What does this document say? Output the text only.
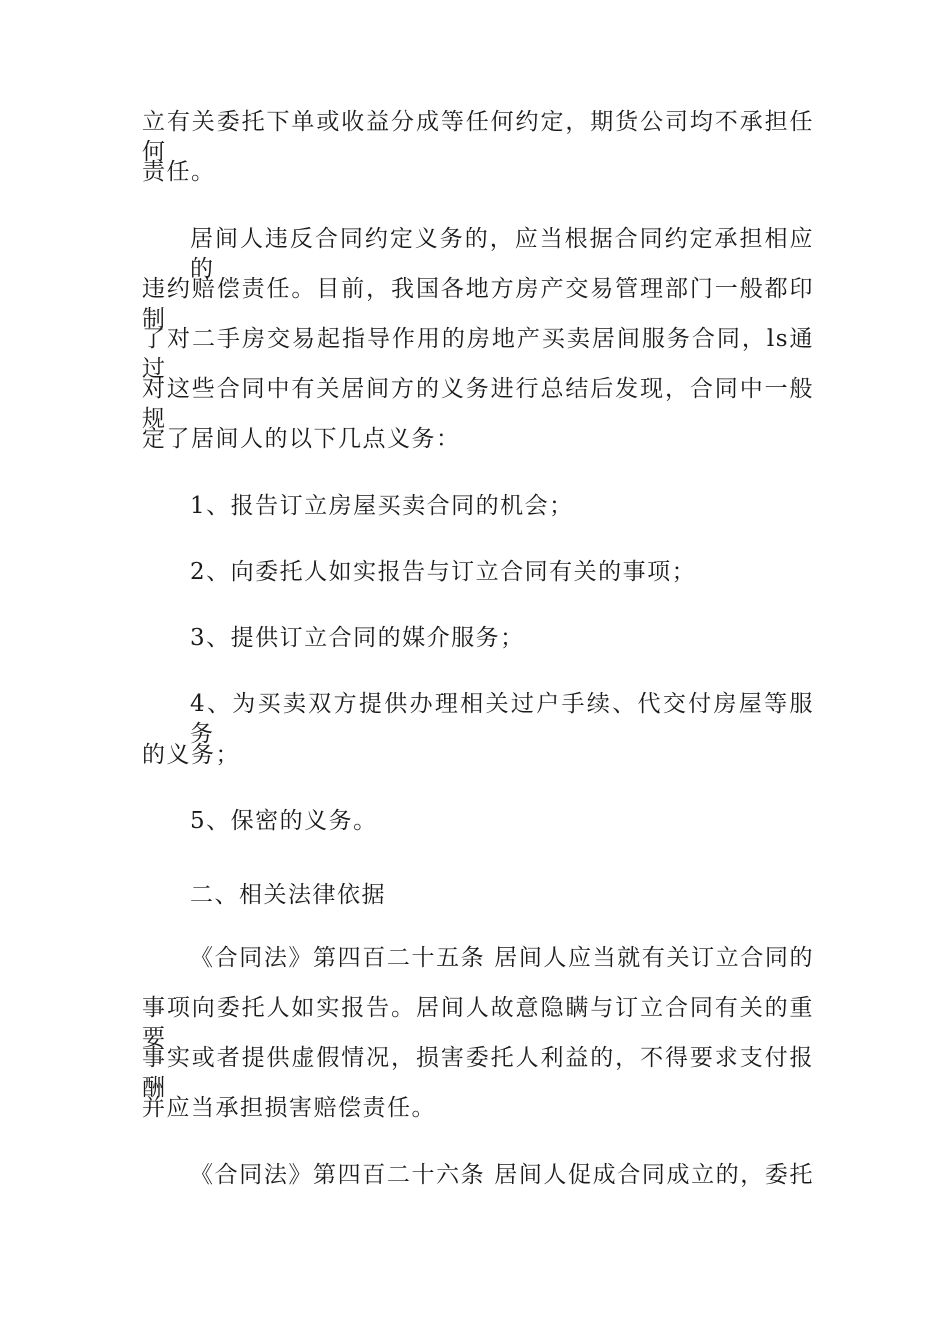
立有关委托下单或收益分成等任何约定，期货公司均不承担任 何
责任。
居间人违反合同约定义务的，应当根据合同约定承担相应的
违约赔偿责任。目前，我国各地方房产交易管理部门一般都印制
了对二手房交易起指导作用的房地产买卖居间服务合同，ls通 过
对这些合同中有关居间方的义务进行总结后发现，合同中一般 规
定了居间人的以下几点义务：
1、报告订立房屋买卖合同的机会；
2、向委托人如实报告与订立合同有关的事项；
3、提供订立合同的媒介服务；
4、为买卖双方提供办理相关过户手续、代交付房屋等服务
的义务；
5、保密的义务。
二、相关法律依据
《合同法》第四百二十五条 居间人应当就有关订立合同的
事项向委托人如实报告。居间人故意隐瞒与订立合同有关的重要
事实或者提供虚假情况，损害委托人利益的，不得要求支付报酬
并应当承担损害赔偿责任。
《合同法》第四百二十六条 居间人促成合同成立的，委托
